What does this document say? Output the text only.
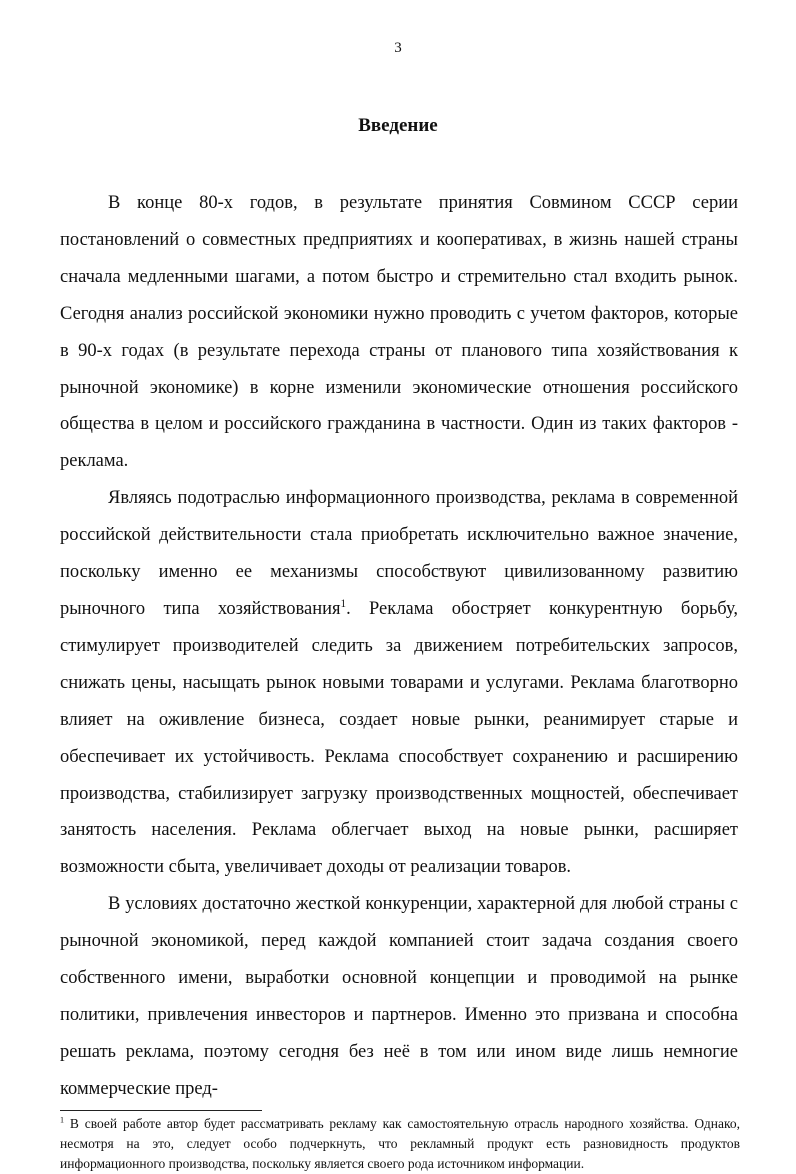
3
Введение

В конце 80-х годов, в результате принятия Совмином СССР серии постановлений о совместных предприятиях и кооперативах, в жизнь нашей страны сначала медленными шагами, а потом быстро и стремительно стал входить рынок. Сегодня анализ российской экономики нужно проводить с учетом факторов, которые в 90-х годах (в результате перехода страны от планового типа хозяйствования к рыночной экономике) в корне изменили экономические отношения российского общества в целом и российского гражданина в частности. Один из таких факторов - реклама.

Являясь подотраслью информационного производства, реклама в современной российской действительности стала приобретать исключительно важное значение, поскольку именно ее механизмы способствуют цивилизованному развитию рыночного типа хозяйствования$^1$. Реклама обостряет конкурентную борьбу, стимулирует производителей следить за движением потребительских запросов, снижать цены, насыщать рынок новыми товарами и услугами. Реклама благотворно влияет на оживление бизнеса, создает новые рынки, реанимирует старые и обеспечивает их устойчивость. Реклама способствует сохранению и расширению производства, стабилизирует загрузку производственных мощностей, обеспечивает занятость населения. Реклама облегчает выход на новые рынки, расширяет возможности сбыта, увеличивает доходы от реализации товаров.

В условиях достаточно жесткой конкуренции, характерной для любой страны с рыночной экономикой, перед каждой компанией стоит задача создания своего собственного имени, выработки основной концепции и проводимой на рынке политики, привлечения инвесторов и партнеров. Именно это призвана и способна решать реклама, поэтому сегодня без неё в том или ином виде лишь немногие коммерческие пред-

$^1$ В своей работе автор будет рассматривать рекламу как самостоятельную отрасль народного хозяйства. Однако, несмотря на это, следует особо подчеркнуть, что рекламный продукт есть разновидность продуктов информационного производства, поскольку является своего рода источником информации.
